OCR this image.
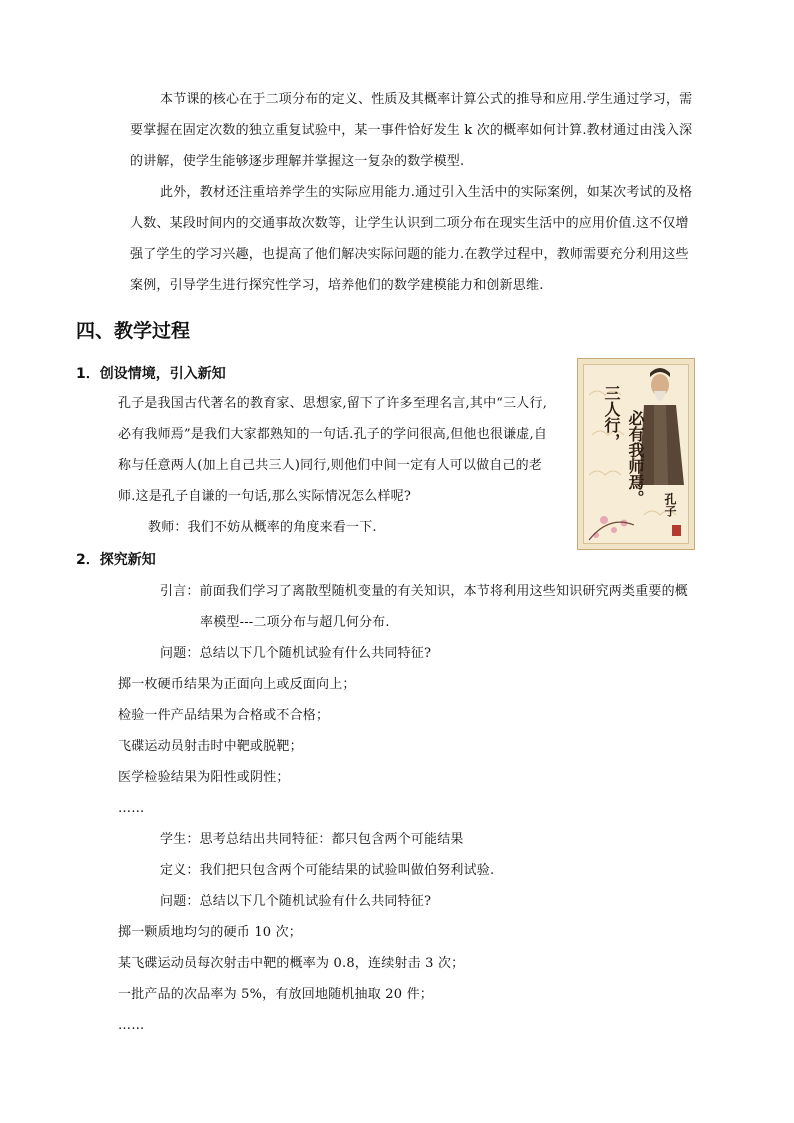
本节课的核心在于二项分布的定义、性质及其概率计算公式的推导和应用.学生通过学习，需
要掌握在固定次数的独立重复试验中，某一事件恰好发生 k 次的概率如何计算.教材通过由浅入深
的讲解，使学生能够逐步理解并掌握这一复杂的数学模型.
此外，教材还注重培养学生的实际应用能力.通过引入生活中的实际案例，如某次考试的及格
人数、某段时间内的交通事故次数等，让学生认识到二项分布在现实生活中的应用价值.这不仅增
强了学生的学习兴趣，也提高了他们解决实际问题的能力.在教学过程中，教师需要充分利用这些
案例，引导学生进行探究性学习，培养他们的数学建模能力和创新思维.
四、教学过程
1．创设情境，引入新知
孔子是我国古代著名的教育家、思想家,留下了许多至理名言,其中“三人行,
必有我师焉”是我们大家都熟知的一句话.孔子的学问很高,但他也很谦虚,自
称与任意两人(加上自己共三人)同行,则他们中间一定有人可以做自己的老
师.这是孔子自谦的一句话,那么实际情况怎么样呢?
教师：我们不妨从概率的角度来看一下.
三人行， 必有我师焉。 孔子
2．探究新知
引言：前面我们学习了离散型随机变量的有关知识，本节将利用这些知识研究两类重要的概
率模型---二项分布与超几何分布.
问题：总结以下几个随机试验有什么共同特征?
掷一枚硬币结果为正面向上或反面向上；
检验一件产品结果为合格或不合格；
飞碟运动员射击时中靶或脱靶；
医学检验结果为阳性或阴性；
……
学生：思考总结出共同特征：都只包含两个可能结果
定义：我们把只包含两个可能结果的试验叫做伯努利试验.
问题：总结以下几个随机试验有什么共同特征?
掷一颗质地均匀的硬币 10 次；
某飞碟运动员每次射击中靶的概率为 0.8，连续射击 3 次；
一批产品的次品率为 5%，有放回地随机抽取 20 件；
……
